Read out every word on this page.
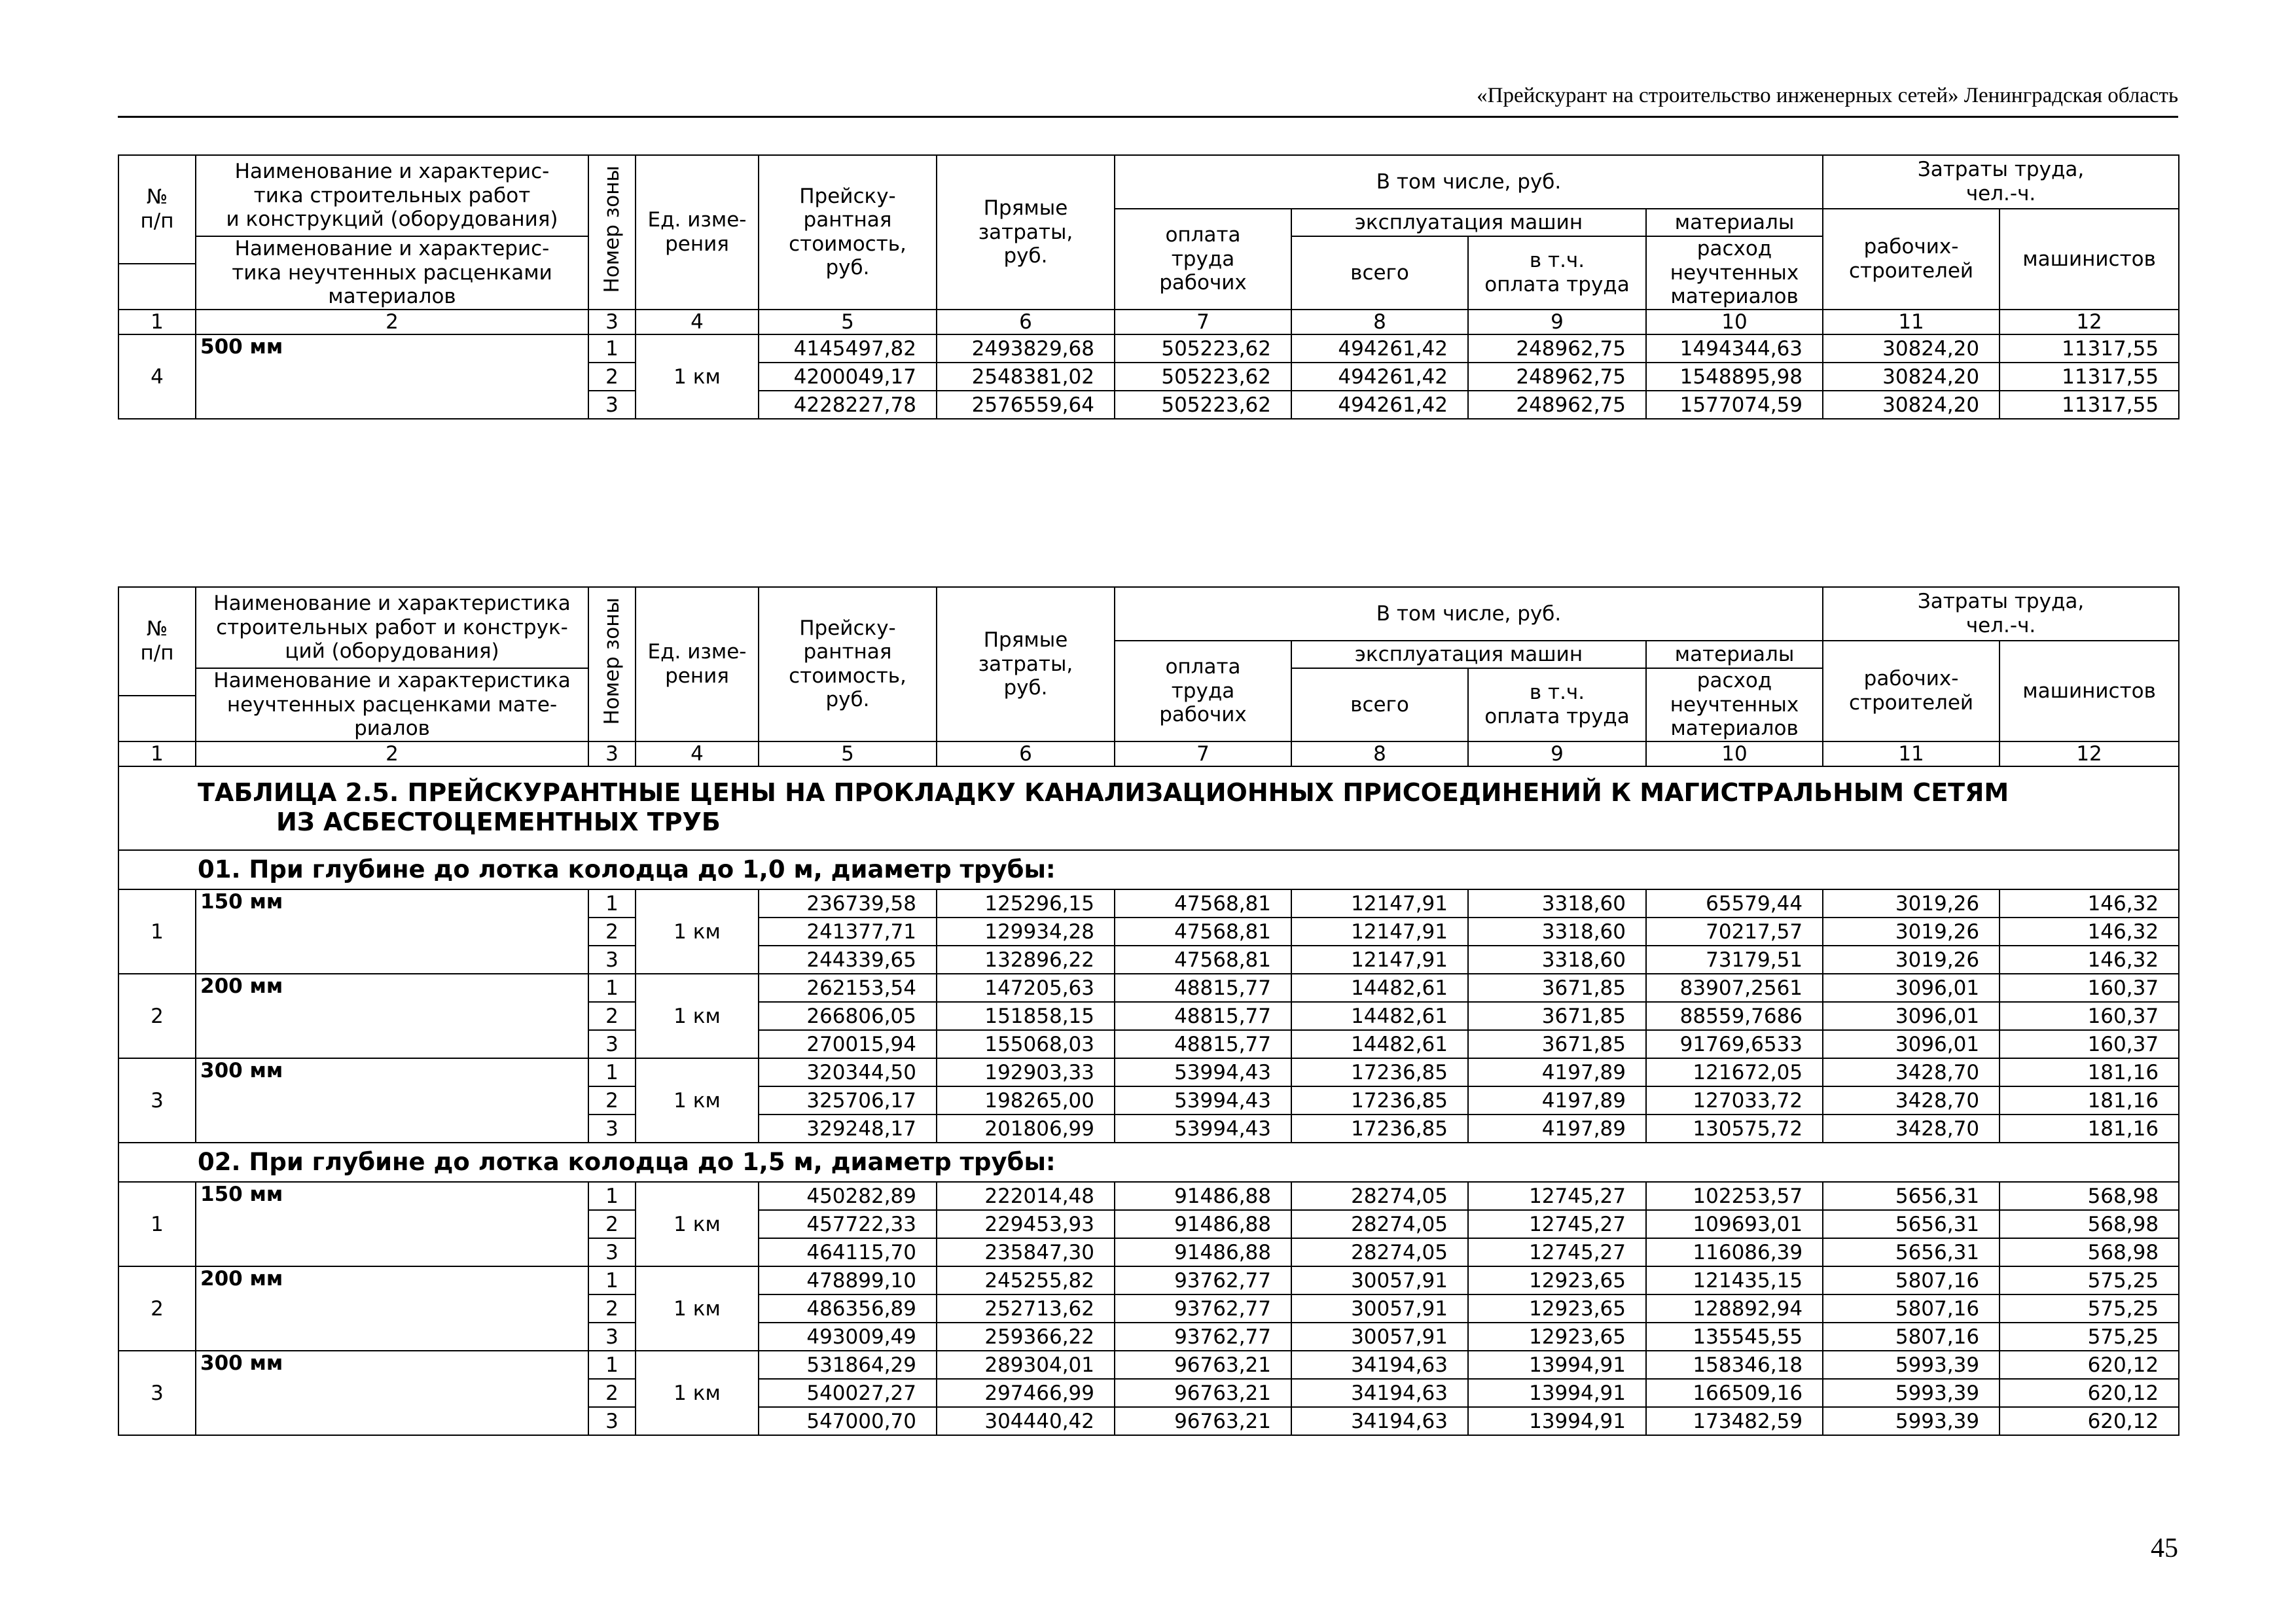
«Прейскурант на строительство инженерных сетей» Ленинградская область
№
п/п	Наименование и характерис-
тика строительных работ
и конструкций (оборудования)	Номер зоны	Ед. изме-
рения	Прейску-
рантная
стоимость,
руб.	Прямые
затраты,
руб.	В том числе, руб.				Затраты труда,
чел.-ч.	
						оплата
труда
рабочих	эксплуатация машин		материалы	рабочих-
строителей	машинистов
	Наименование и характерис-
тика неучтенных расценками
материалов						всего	в т.ч.
оплата труда	расход
неучтенных
материалов		

1	2	3	4	5	6	7	8	9	10	11	12
4	500 мм	1	1 км	4145497,82	2493829,68	505223,62	494261,42	248962,75	1494344,63	30824,20	11317,55
		2		4200049,17	2548381,02	505223,62	494261,42	248962,75	1548895,98	30824,20	11317,55
		3		4228227,78	2576559,64	505223,62	494261,42	248962,75	1577074,59	30824,20	11317,55
№
п/п	Наименование и характеристика
строительных работ и конструк-
ций (оборудования)	Номер зоны	Ед. изме-
рения	Прейску-
рантная
стоимость,
руб.	Прямые
затраты,
руб.	В том числе, руб.				Затраты труда,
чел.-ч.	
						оплата
труда
рабочих	эксплуатация машин		материалы	рабочих-
строителей	машинистов
	Наименование и характеристика
неучтенных расценками мате-
риалов						всего	в т.ч.
оплата труда	расход
неучтенных
материалов		

1	2	3	4	5	6	7	8	9	10	11	12
ТАБЛИЦА 2.5. ПРЕЙСКУРАНТНЫЕ ЦЕНЫ НА ПРОКЛАДКУ КАНАЛИЗАЦИОННЫХ ПРИСОЕДИНЕНИЙ К МАГИСТРАЛЬНЫМ СЕТЯМ
ИЗ АСБЕСТОЦЕМЕНТНЫХ ТРУБ											

01. При глубине до лотка колодца до 1,0 м, диаметр трубы:											
1	150 мм	1	1 км	236739,58	125296,15	47568,81	12147,91	3318,60	65579,44	3019,26	146,32
		2		241377,71	129934,28	47568,81	12147,91	3318,60	70217,57	3019,26	146,32
		3		244339,65	132896,22	47568,81	12147,91	3318,60	73179,51	3019,26	146,32
2	200 мм	1	1 км	262153,54	147205,63	48815,77	14482,61	3671,85	83907,2561	3096,01	160,37
		2		266806,05	151858,15	48815,77	14482,61	3671,85	88559,7686	3096,01	160,37
		3		270015,94	155068,03	48815,77	14482,61	3671,85	91769,6533	3096,01	160,37
3	300 мм	1	1 км	320344,50	192903,33	53994,43	17236,85	4197,89	121672,05	3428,70	181,16
		2		325706,17	198265,00	53994,43	17236,85	4197,89	127033,72	3428,70	181,16
		3		329248,17	201806,99	53994,43	17236,85	4197,89	130575,72	3428,70	181,16
02. При глубине до лотка колодца до 1,5 м, диаметр трубы:											
1	150 мм	1	1 км	450282,89	222014,48	91486,88	28274,05	12745,27	102253,57	5656,31	568,98
		2		457722,33	229453,93	91486,88	28274,05	12745,27	109693,01	5656,31	568,98
		3		464115,70	235847,30	91486,88	28274,05	12745,27	116086,39	5656,31	568,98
2	200 мм	1	1 км	478899,10	245255,82	93762,77	30057,91	12923,65	121435,15	5807,16	575,25
		2		486356,89	252713,62	93762,77	30057,91	12923,65	128892,94	5807,16	575,25
		3		493009,49	259366,22	93762,77	30057,91	12923,65	135545,55	5807,16	575,25
3	300 мм	1	1 км	531864,29	289304,01	96763,21	34194,63	13994,91	158346,18	5993,39	620,12
		2		540027,27	297466,99	96763,21	34194,63	13994,91	166509,16	5993,39	620,12
		3		547000,70	304440,42	96763,21	34194,63	13994,91	173482,59	5993,39	620,12
45
